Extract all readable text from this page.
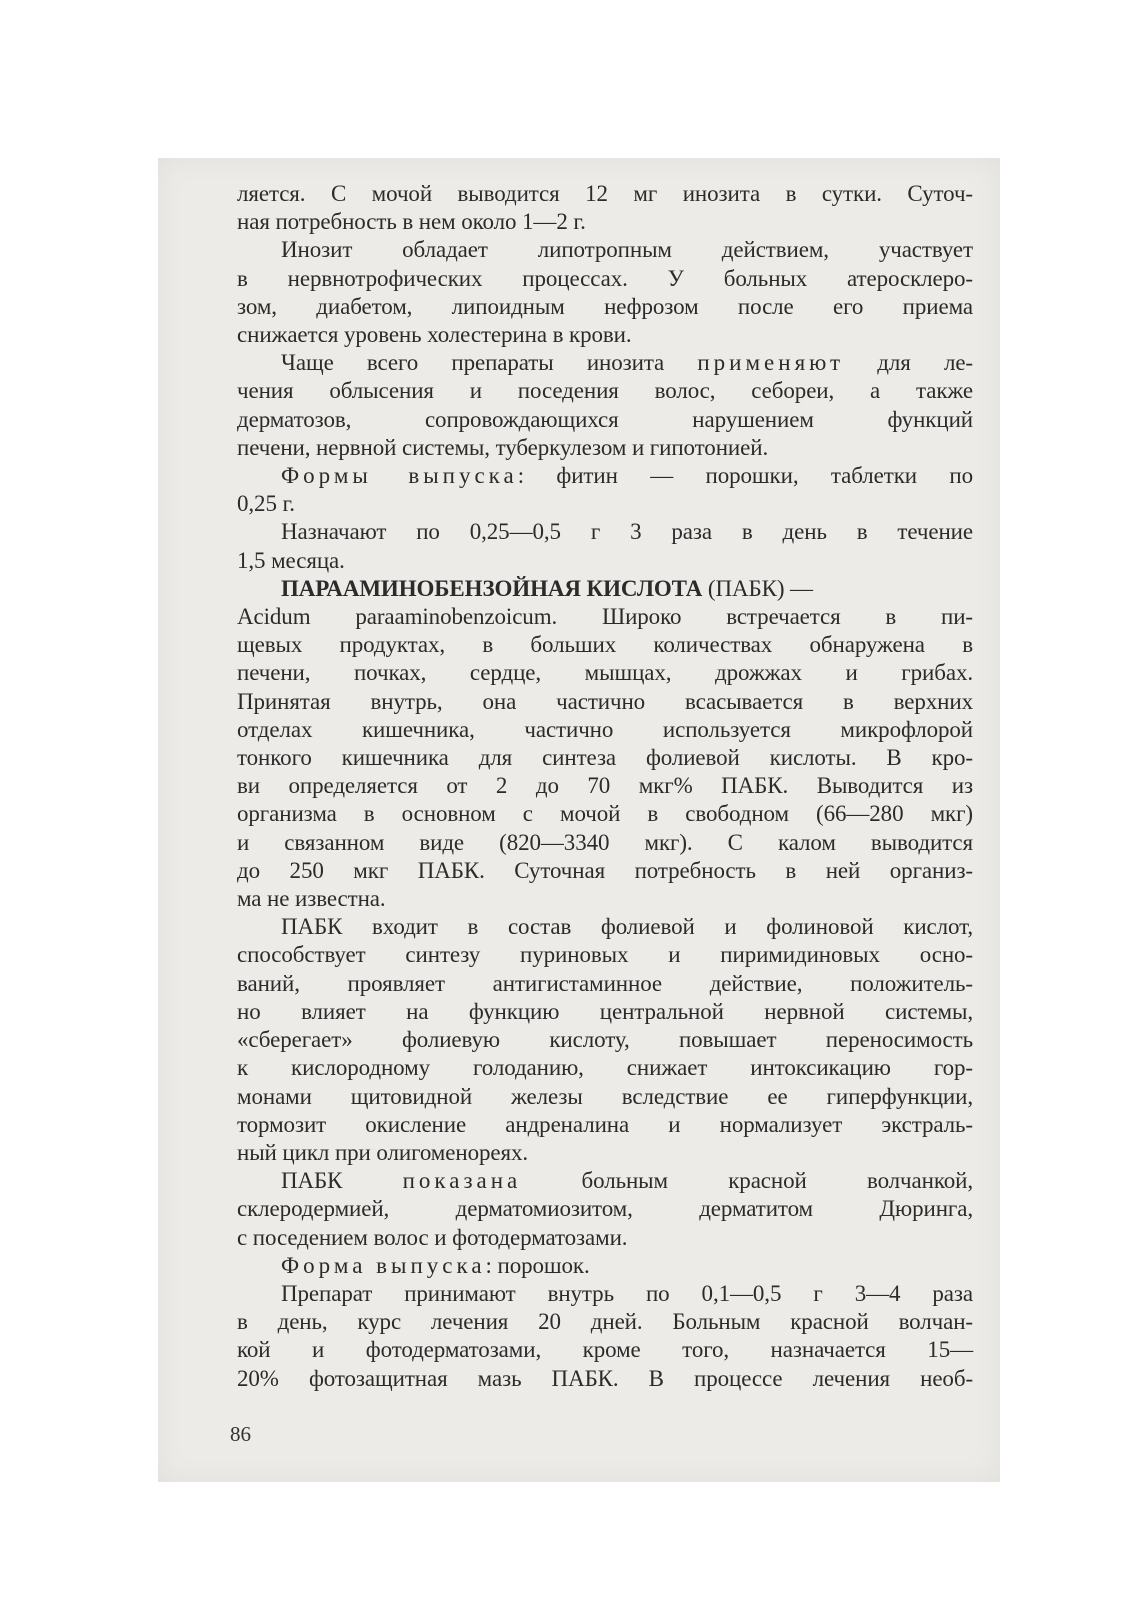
ляется. С мочой выводится 12 мг инозита в сутки. Суточ-
ная потребность в нем около 1—2 г.
Инозит обладает липотропным действием, участвует
в нервнотрофических процессах. У больных атеросклеро-
зом, диабетом, липоидным нефрозом после его приема
снижается уровень холестерина в крови.
Чаще всего препараты инозита применяют для ле-
чения облысения и поседения волос, себореи, а также
дерматозов, сопровождающихся нарушением функций
печени, нервной системы, туберкулезом и гипотонией.
Формы выпуска: фитин — порошки, таблетки по
0,25 г.
Назначают по 0,25—0,5 г 3 раза в день в течение
1,5 месяца.
ПАРААМИНОБЕНЗОЙНАЯ КИСЛОТА (ПАБК) —
Acidum paraaminobenzoicum. Широко встречается в пи-
щевых продуктах, в больших количествах обнаружена в
печени, почках, сердце, мышцах, дрожжах и грибах.
Принятая внутрь, она частично всасывается в верхних
отделах кишечника, частично используется микрофлорой
тонкого кишечника для синтеза фолиевой кислоты. В кро-
ви определяется от 2 до 70 мкг% ПАБК. Выводится из
организма в основном с мочой в свободном (66—280 мкг)
и связанном виде (820—3340 мкг). С калом выводится
до 250 мкг ПАБК. Суточная потребность в ней организ-
ма не известна.
ПАБК входит в состав фолиевой и фолиновой кислот,
способствует синтезу пуриновых и пиримидиновых осно-
ваний, проявляет антигистаминное действие, положитель-
но влияет на функцию центральной нервной системы,
«сберегает» фолиевую кислоту, повышает переносимость
к кислородному голоданию, снижает интоксикацию гор-
монами щитовидной железы вследствие ее гиперфункции,
тормозит окисление андреналина и нормализует экстраль-
ный цикл при олигоменореях.
ПАБК показана больным красной волчанкой,
склеродермией, дерматомиозитом, дерматитом Дюринга,
с поседением волос и фотодерматозами.
Форма выпуска: порошок.
Препарат принимают внутрь по 0,1—0,5 г 3—4 раза
в день, курс лечения 20 дней. Больным красной волчан-
кой и фотодерматозами, кроме того, назначается 15—
20% фотозащитная мазь ПАБК. В процессе лечения необ-
86
